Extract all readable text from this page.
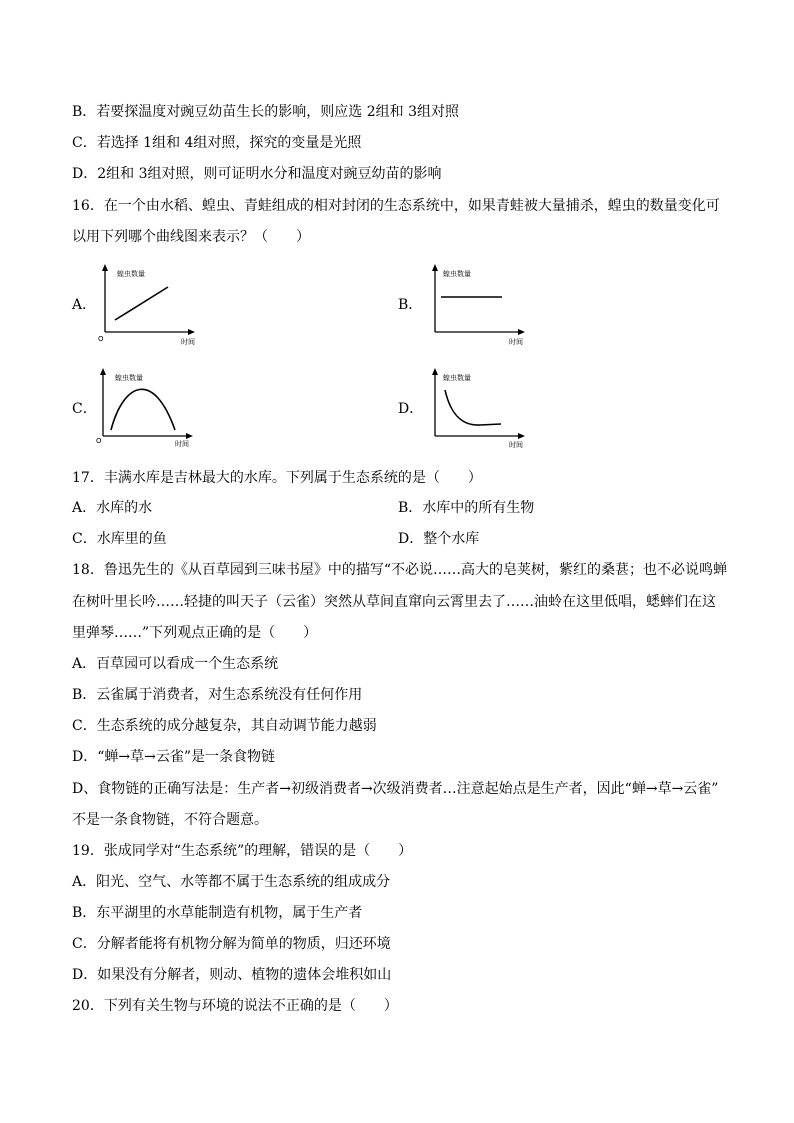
B．若要探温度对豌豆幼苗生长的影响，则应选 2组和 3组对照
C．若选择 1组和 4组对照，探究的变量是光照
D．2组和 3组对照，则可证明水分和温度对豌豆幼苗的影响
16．在一个由水稻、蝗虫、青蛙组成的相对封闭的生态系统中，如果青蛙被大量捕杀，蝗虫的数量变化可
以用下列哪个曲线图来表示？（　　）
A．
蝗虫数量
时间
O
B．
蝗虫数量
时间
C．
蝗虫数量
时间
O
D．
蝗虫数量
时间
17．丰满水库是吉林最大的水库。下列属于生态系统的是（　　）
A．水库的水	B．水库中的所有生物
C．水库里的鱼	D．整个水库
18．鲁迅先生的《从百草园到三味书屋》中的描写“不必说……高大的皂荚树，紫红的桑葚；也不必说鸣蝉
在树叶里长吟……轻捷的叫天子（云雀）突然从草间直窜向云霄里去了……油蛉在这里低唱，蟋蟀们在这
里弹琴……”下列观点正确的是（　　）
A．百草园可以看成一个生态系统
B．云雀属于消费者，对生态系统没有任何作用
C．生态系统的成分越复杂，其自动调节能力越弱
D．“蝉→草→云雀”是一条食物链
D、食物链的正确写法是：生产者→初级消费者→次级消费者…注意起始点是生产者，因此“蝉→草→云雀”
不是一条食物链，不符合题意。
19．张成同学对“生态系统”的理解，错误的是（　　）
A．阳光、空气、水等都不属于生态系统的组成成分
B．东平湖里的水草能制造有机物，属于生产者
C．分解者能将有机物分解为简单的物质，归还环境
D．如果没有分解者，则动、植物的遗体会堆积如山
20．下列有关生物与环境的说法不正确的是（　　）
